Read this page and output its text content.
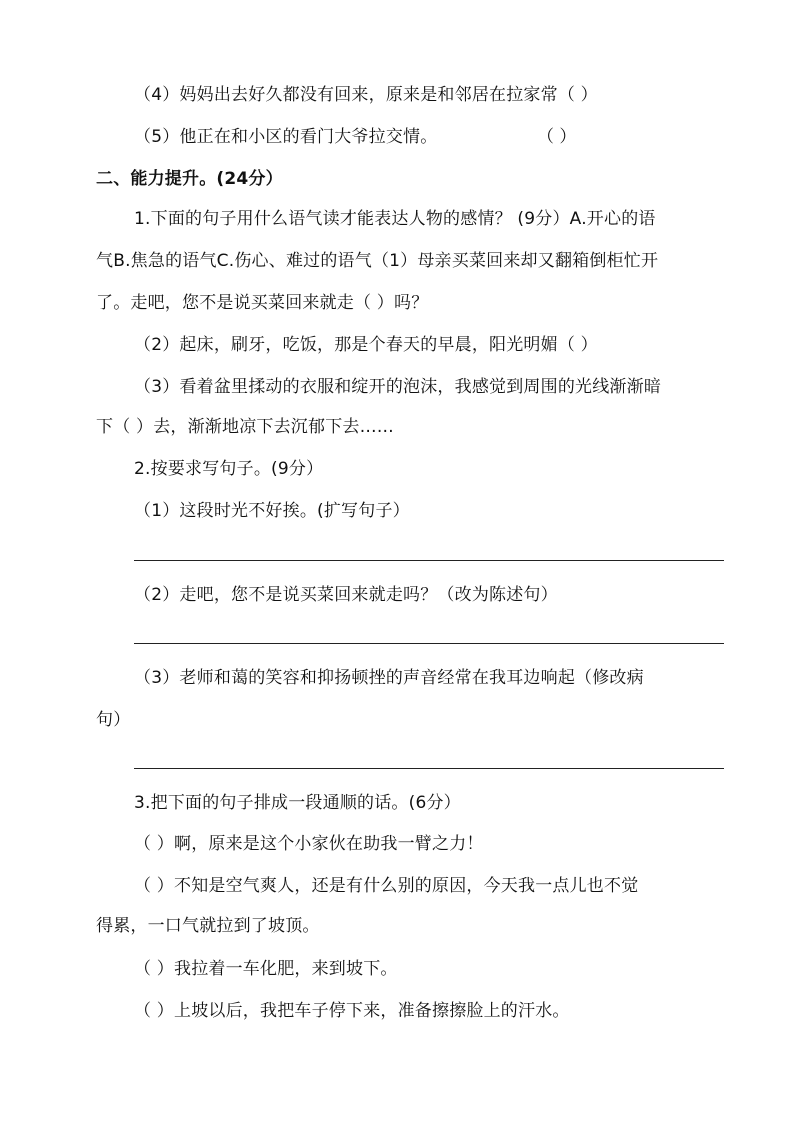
（4）妈妈出去好久都没有回来，原来是和邻居在拉家常（ ）
（5）他正在和小区的看门大爷拉交情。	（ ）
二、能力提升。(24分）
1.下面的句子用什么语气读才能表达人物的感情？ (9分）A.开心的语
气B.焦急的语气C.伤心、难过的语气（1）母亲买菜回来却又翻箱倒柜忙开
了。走吧，您不是说买菜回来就走（ ）吗？
（2）起床，刷牙，吃饭，那是个春天的早晨，阳光明媚（ ）
（3）看着盆里揉动的衣服和绽开的泡沫，我感觉到周围的光线渐渐暗
下（ ）去，渐渐地凉下去沉郁下去……
2.按要求写句子。(9分）
（1）这段时光不好挨。(扩写句子）
（2）走吧，您不是说买菜回来就走吗？（改为陈述句）
（3）老师和蔼的笑容和抑扬顿挫的声音经常在我耳边响起（修改病
句）
3.把下面的句子排成一段通顺的话。(6分）
（ ）啊，原来是这个小家伙在助我一臂之力！
（ ）不知是空气爽人，还是有什么别的原因，今天我一点儿也不觉
得累，一口气就拉到了坡顶。
（ ）我拉着一车化肥，来到坡下。
（ ）上坡以后，我把车子停下来，准备擦擦脸上的汗水。
